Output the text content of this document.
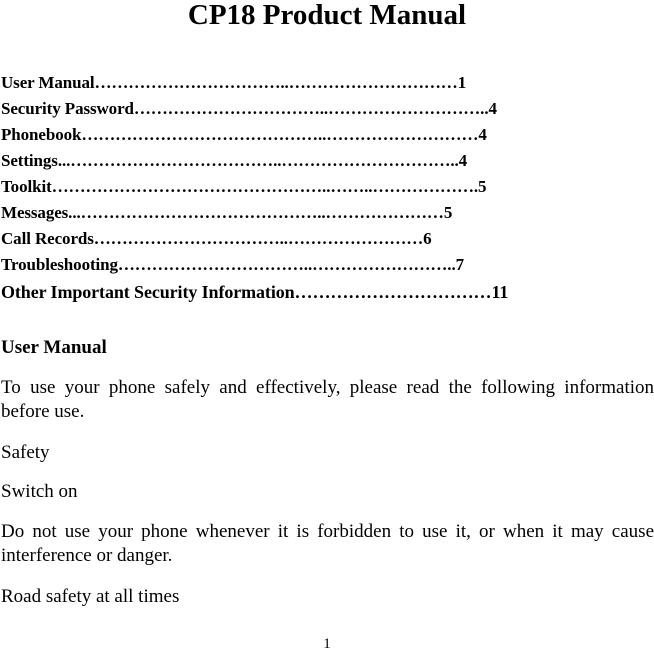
CP18 Product Manual
User Manual……………………………..…………………………1
Security Password……………………………..………………………..4
Phonebook……………………………………..………………………4
Settings...………………………………..…………………………..4
Toolkit…………………………………………..……..……………….5
Messages...……………………………………..…………………5
Call Records……………………………..……………………6
Troubleshooting……………………………..……………………..7
Other Important Security Information……………………………11
User Manual
To use your phone safely and effectively, please read the following information before use.
Safety
Switch on
Do not use your phone whenever it is forbidden to use it, or when it may cause interference or danger.
Road safety at all times
1
